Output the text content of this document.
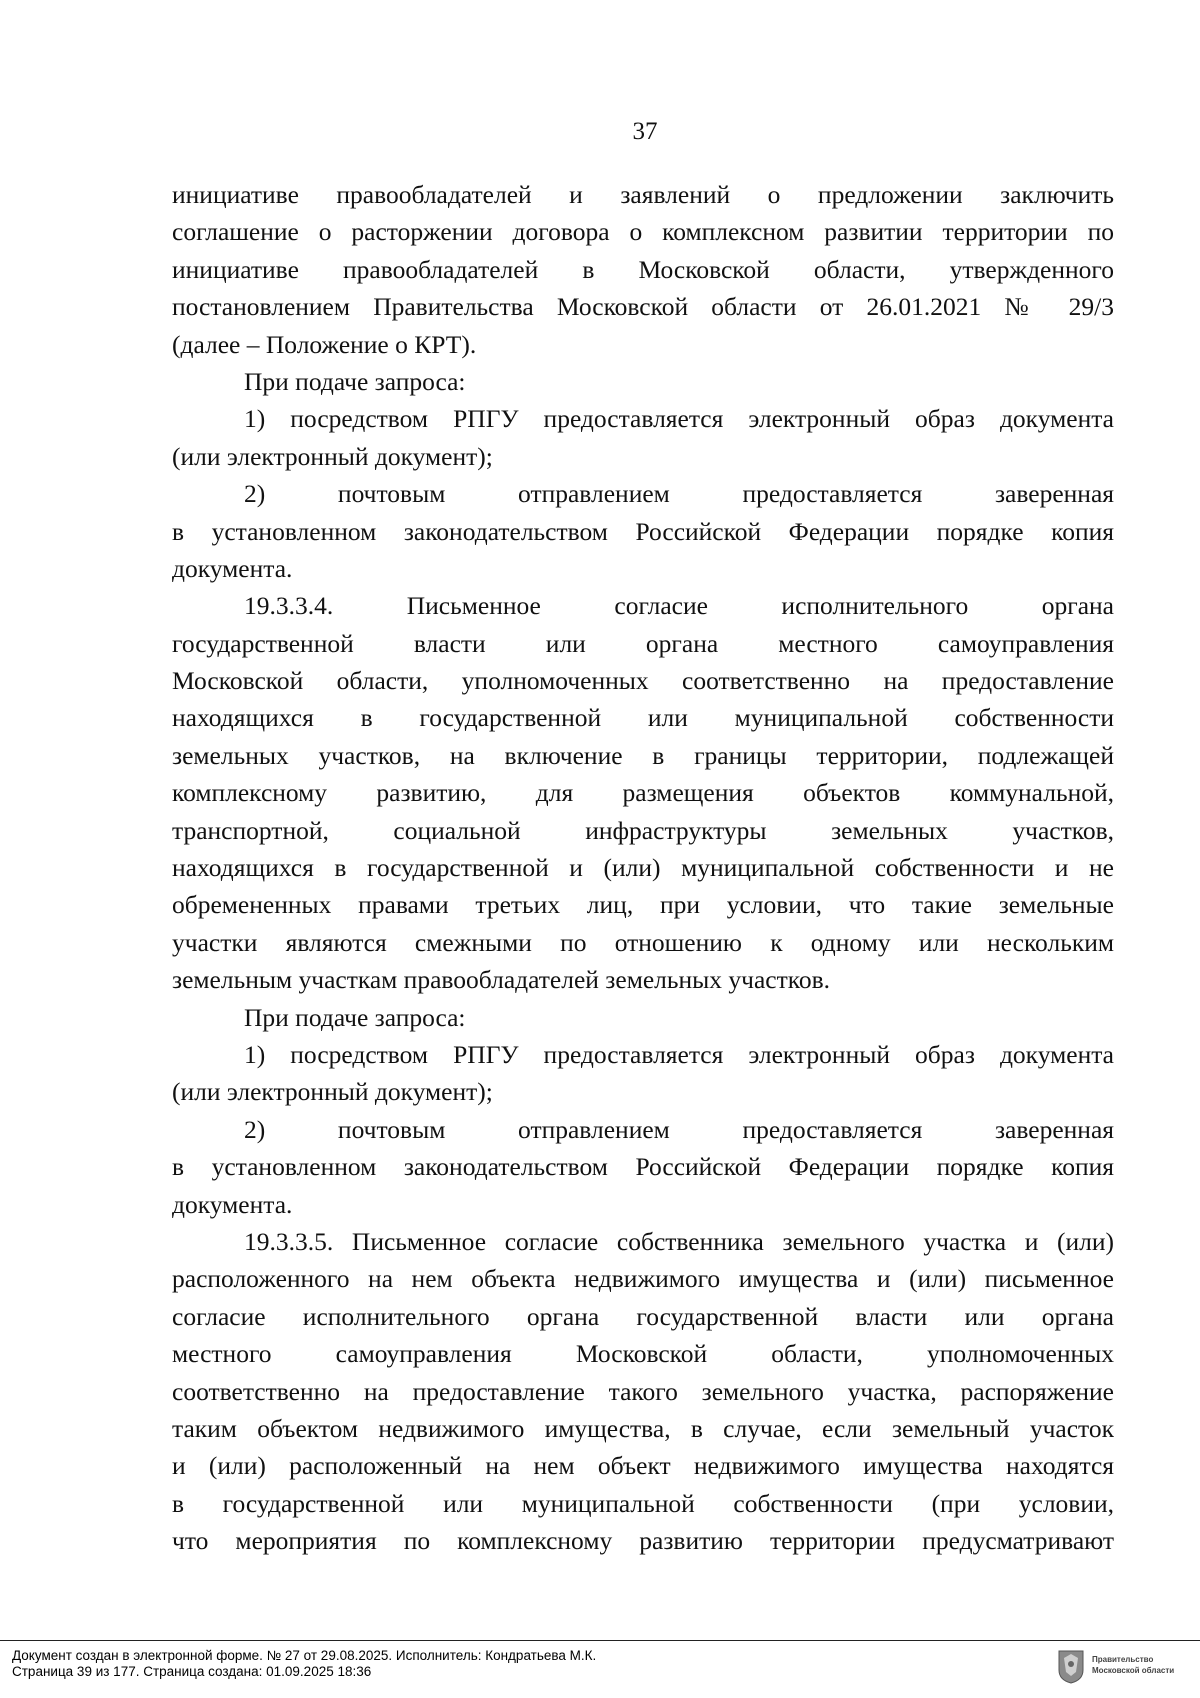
37

инициативе правообладателей и заявлений о предложении заключить

соглашение о расторжении договора о комплексном развитии территории по

инициативе правообладателей в Московской области, утвержденного

постановлением Правительства Московской области от 26.01.2021 № 29/3

(далее – Положение о КРТ).

При подаче запроса:

1) посредством РПГУ предоставляется электронный образ документа

(или электронный документ);

2) почтовым отправлением предоставляется заверенная

в установленном законодательством Российской Федерации порядке копия

документа.

19.3.3.4. Письменное согласие исполнительного органа

государственной власти или органа местного самоуправления

Московской области, уполномоченных соответственно на предоставление

находящихся в государственной или муниципальной собственности

земельных участков, на включение в границы территории, подлежащей

комплексному развитию, для размещения объектов коммунальной,

транспортной, социальной инфраструктуры земельных участков,

находящихся в государственной и (или) муниципальной собственности и не

обремененных правами третьих лиц, при условии, что такие земельные

участки являются смежными по отношению к одному или нескольким

земельным участкам правообладателей земельных участков.

При подаче запроса:

1) посредством РПГУ предоставляется электронный образ документа

(или электронный документ);

2) почтовым отправлением предоставляется заверенная

в установленном законодательством Российской Федерации порядке копия

документа.

19.3.3.5. Письменное согласие собственника земельного участка и (или)

расположенного на нем объекта недвижимого имущества и (или) письменное

согласие исполнительного органа государственной власти или органа

местного самоуправления Московской области, уполномоченных

соответственно на предоставление такого земельного участка, распоряжение

таким объектом недвижимого имущества, в случае, если земельный участок

и (или) расположенный на нем объект недвижимого имущества находятся

в государственной или муниципальной собственности (при условии,

что мероприятия по комплексному развитию территории предусматривают

Документ создан в электронной форме. № 27 от 29.08.2025. Исполнитель: Кондратьева М.К.
Страница 39 из 177. Страница создана: 01.09.2025 18:36
Правительство
Московской области
